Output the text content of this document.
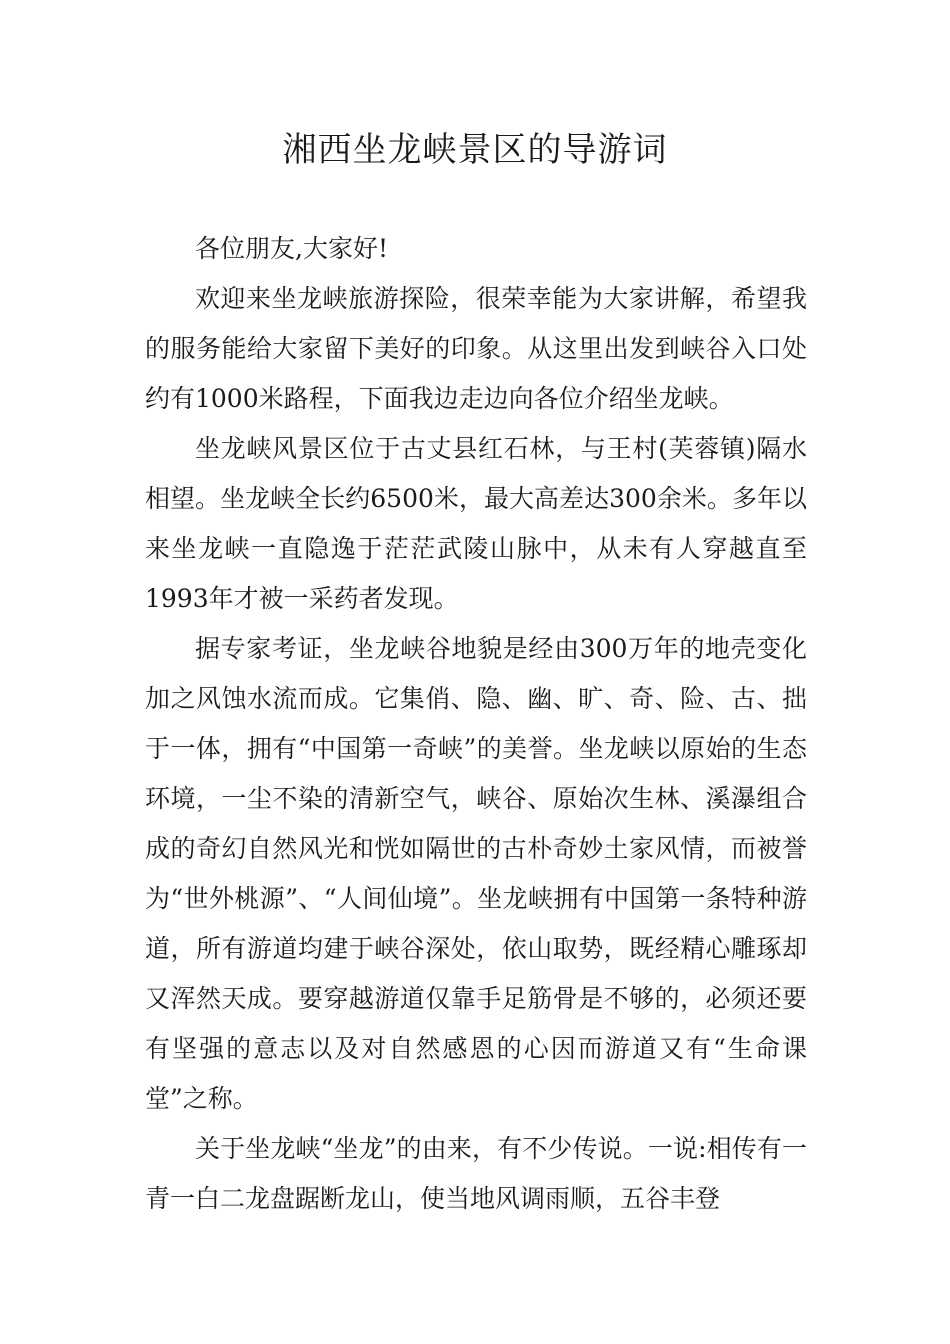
湘西坐龙峡景区的导游词

各位朋友,大家好!

欢迎来坐龙峡旅游探险，很荣幸能为大家讲解，希望我的服务能给大家留下美好的印象。从这里出发到峡谷入口处约有1000米路程，下面我边走边向各位介绍坐龙峡。

坐龙峡风景区位于古丈县红石林，与王村(芙蓉镇)隔水相望。坐龙峡全长约6500米，最大高差达300余米。多年以来坐龙峡一直隐逸于茫茫武陵山脉中，从未有人穿越直至1993年才被一采药者发现。

据专家考证，坐龙峡谷地貌是经由300万年的地壳变化加之风蚀水流而成。它集俏、隐、幽、旷、奇、险、古、拙于一体，拥有“中国第一奇峡”的美誉。坐龙峡以原始的生态环境，一尘不染的清新空气，峡谷、原始次生林、溪瀑组合成的奇幻自然风光和恍如隔世的古朴奇妙土家风情，而被誉为“世外桃源”、“人间仙境”。坐龙峡拥有中国第一条特种游道，所有游道均建于峡谷深处，依山取势，既经精心雕琢却又浑然天成。要穿越游道仅靠手足筋骨是不够的，必须还要有坚强的意志以及对自然感恩的心因而游道又有“生命课堂”之称。

关于坐龙峡“坐龙”的由来，有不少传说。一说:相传有一青一白二龙盘踞断龙山，使当地风调雨顺，五谷丰登
